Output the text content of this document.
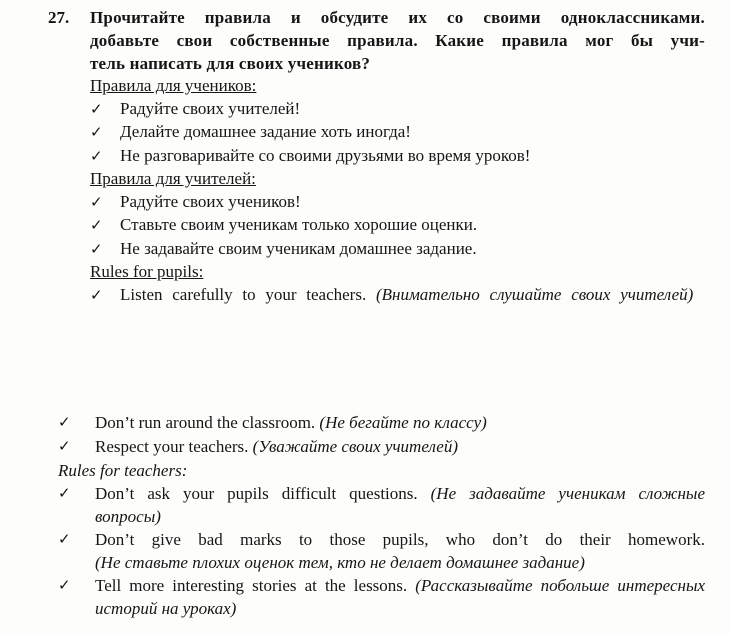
27.	Прочитайте правила и обсудите их со своими одноклассниками.
добавьте свои собственные правила. Какие правила мог бы учи-
тель написать для своих учеников?
Правила для учеников:
✓	Радуйте своих учителей!
✓	Делайте домашнее задание хоть иногда!
✓	Не разговаривайте со своими друзьями во время уроков!
Правила для учителей:
✓	Радуйте своих учеников!
✓	Ставьте своим ученикам только хорошие оценки.
✓	Не задавайте своим ученикам домашнее задание.
Rules for pupils:
✓	Listen carefully to your teachers. (Внимательно слушайте своих учителей)
✓	Don’t run around the classroom. (Не бегайте по классу)
✓	Respect your teachers. (Уважайте своих учителей)
Rules for teachers:
✓	Don’t ask your pupils difficult questions. (Не задавайте ученикам сложные вопросы)
✓	Don’t give bad marks to those pupils, who don’t do their homework. (Не ставьте плохих оценок тем, кто не делает домашнее задание)
✓	Tell more interesting stories at the lessons. (Рассказывайте побольше интересных историй на уроках)
